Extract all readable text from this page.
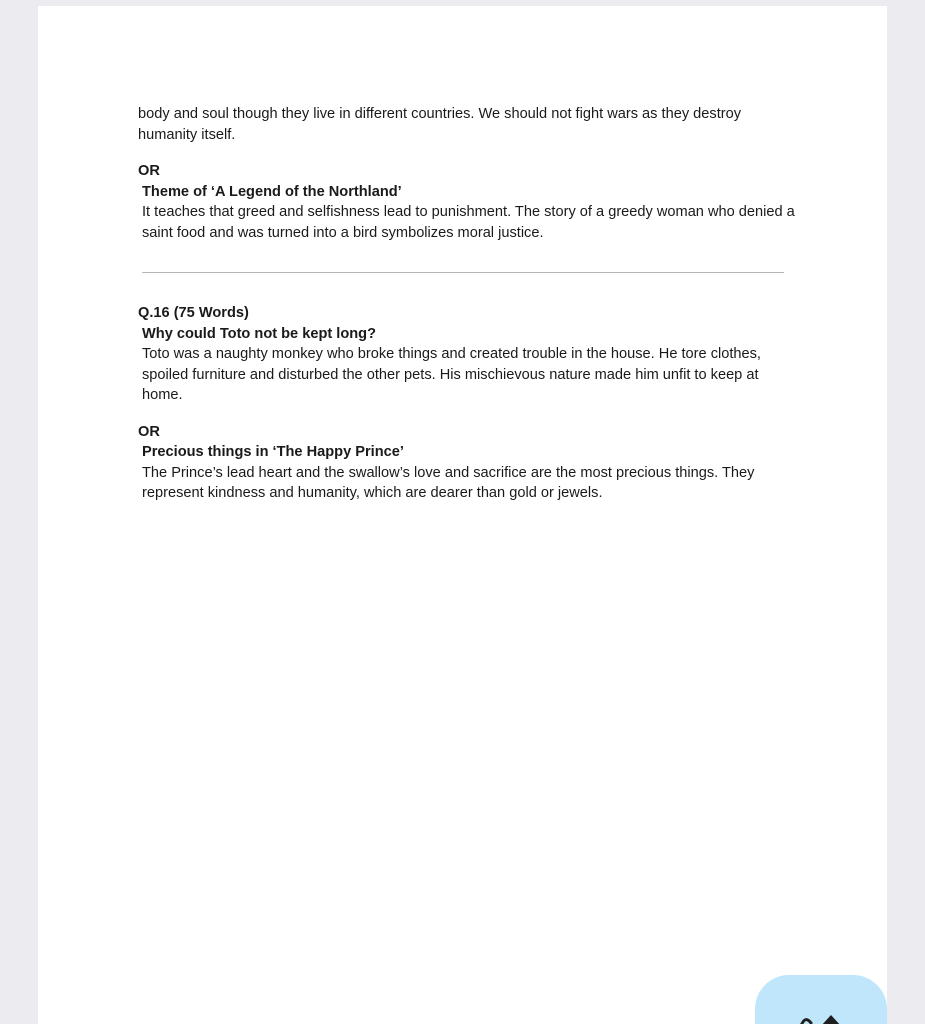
body and soul though they live in different countries. We should not fight wars as they destroy humanity itself.

OR
Theme of ‘A Legend of the Northland’

It teaches that greed and selfishness lead to punishment. The story of a greedy woman who denied a saint food and was turned into a bird symbolizes moral justice.

Q.16 (75 Words)
Why could Toto not be kept long?

Toto was a naughty monkey who broke things and created trouble in the house. He tore clothes, spoiled furniture and disturbed the other pets. His mischievous nature made him unfit to keep at home.

OR
Precious things in ‘The Happy Prince’

The Prince’s lead heart and the swallow’s love and sacrifice are the most precious things. They represent kindness and humanity, which are dearer than gold or jewels.
